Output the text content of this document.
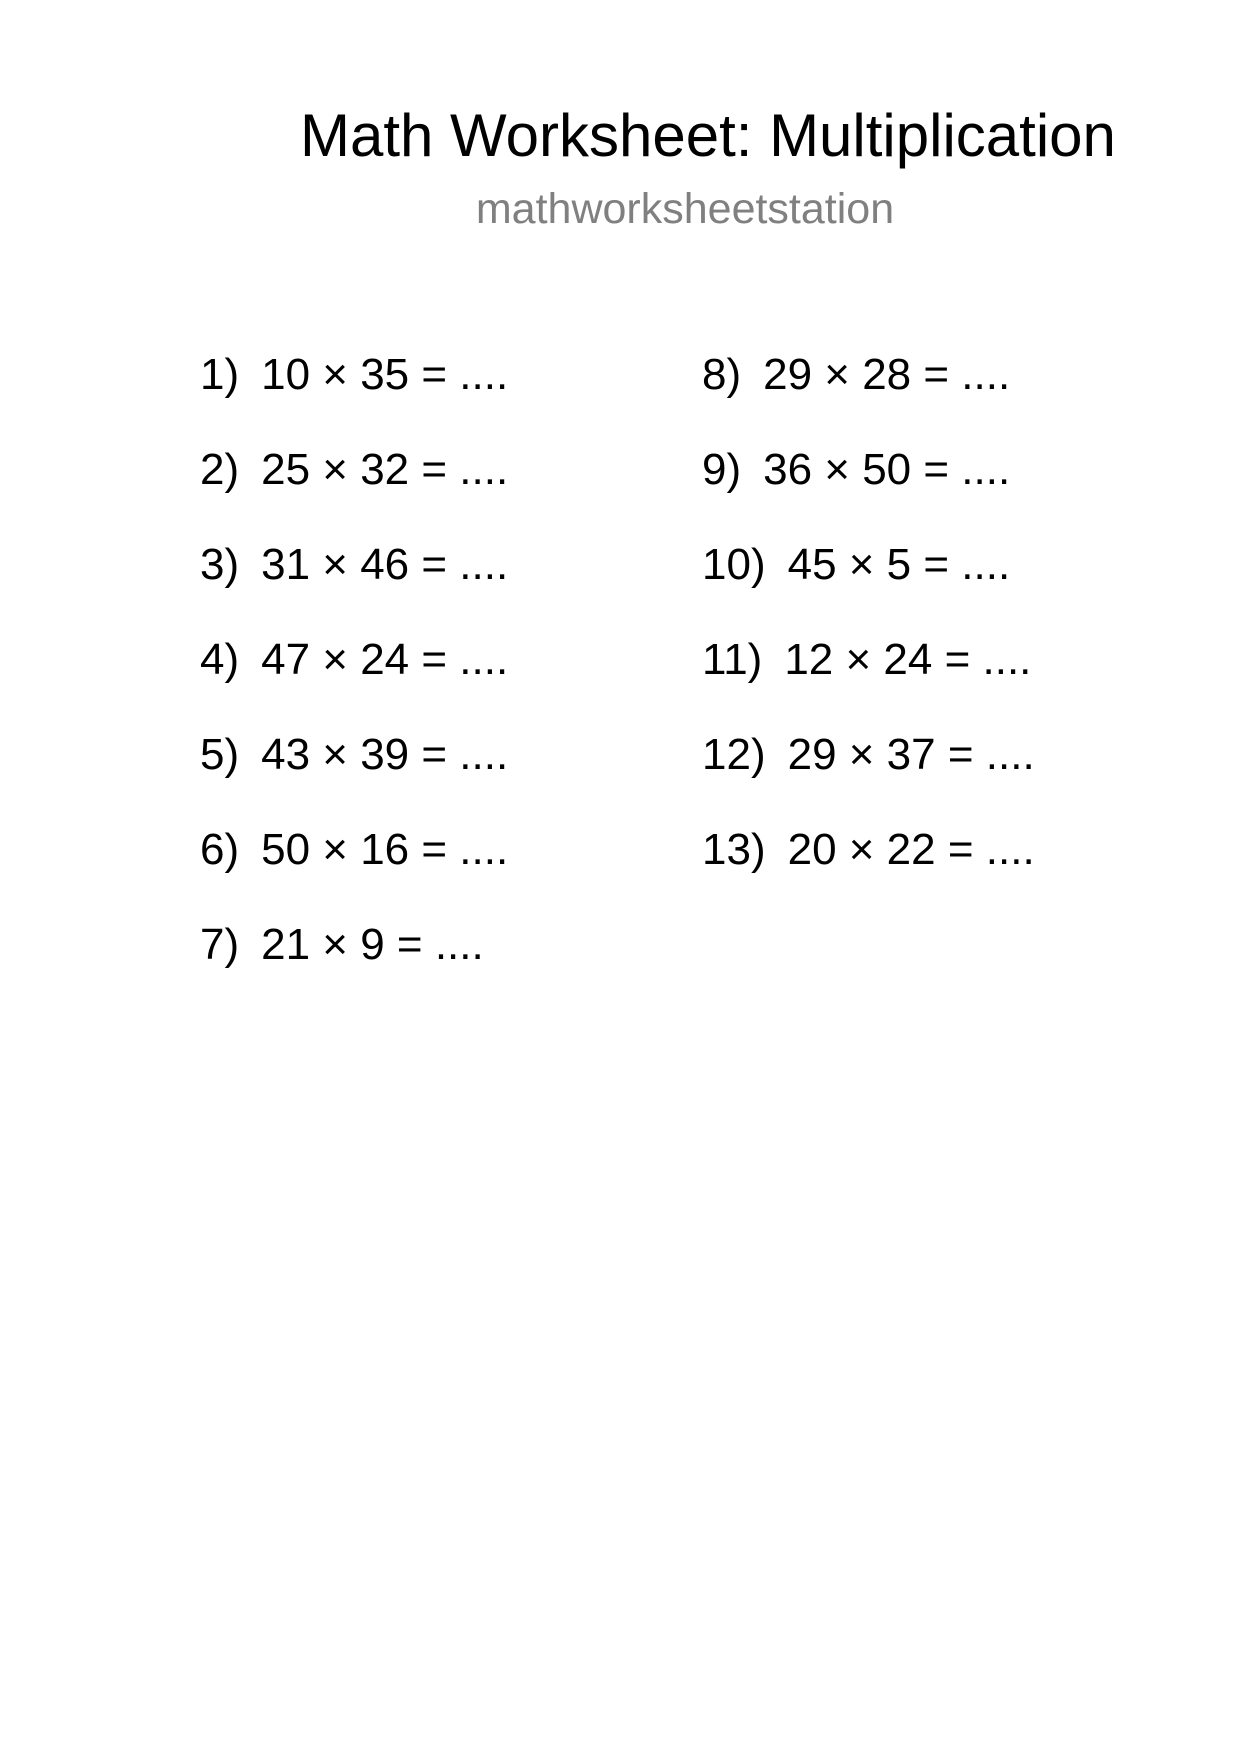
Math Worksheet: Multiplication
mathworksheetstation
1) 10 × 35 = ....
2) 25 × 32 = ....
3) 31 × 46 = ....
4) 47 × 24 = ....
5) 43 × 39 = ....
6) 50 × 16 = ....
7) 21 × 9 = ....
8) 29 × 28 = ....
9) 36 × 50 = ....
10) 45 × 5 = ....
11) 12 × 24 = ....
12) 29 × 37 = ....
13) 20 × 22 = ....
